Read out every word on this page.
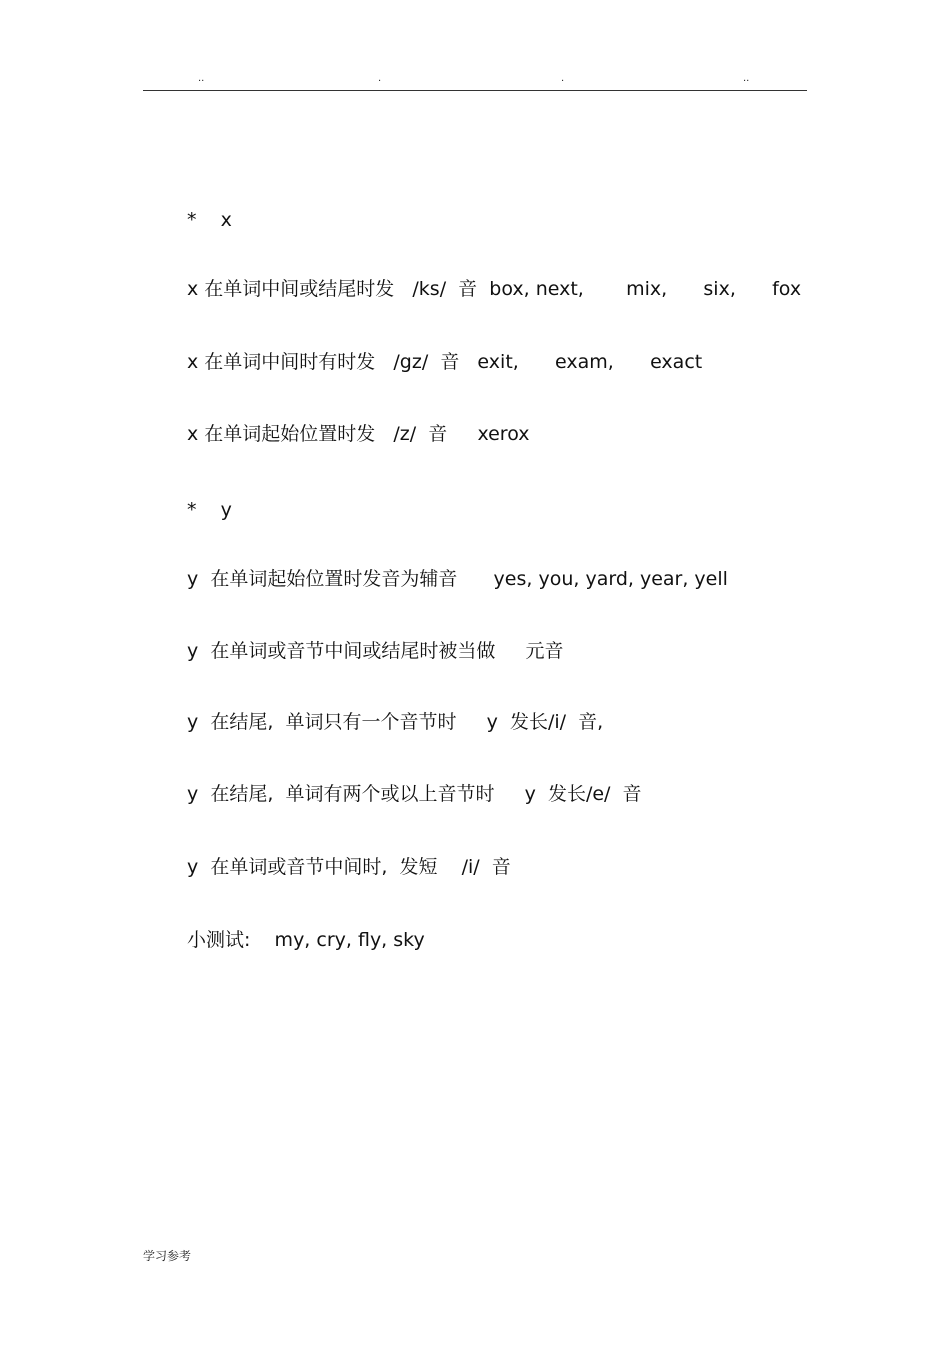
..	.	.	..
*    x
x 在单词中间或结尾时发   /ks/  音  box, next,       mix,      six,      fox
x 在单词中间时有时发   /gz/  音   exit,      exam,      exact
x 在单词起始位置时发   /z/  音     xerox
*    y
y  在单词起始位置时发音为辅音      yes, you, yard, year, yell
y  在单词或音节中间或结尾时被当做     元音
y  在结尾,  单词只有一个音节时     y  发长/i/  音,
y  在结尾,  单词有两个或以上音节时     y  发长/e/  音
y  在单词或音节中间时,  发短    /i/  音
小测试:    my, cry, fly, sky
学习参考
